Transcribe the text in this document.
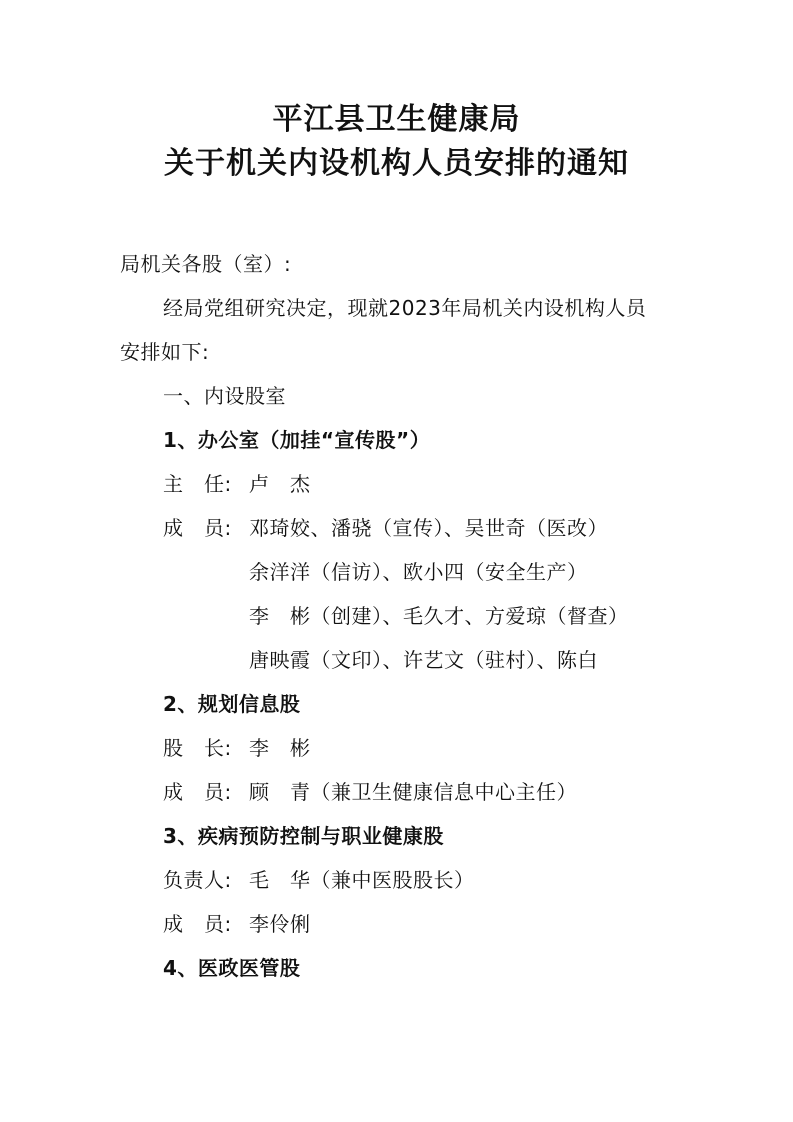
平江县卫生健康局
关于机关内设机构人员安排的通知
局机关各股（室）:
经局党组研究决定，现就2023年局机关内设机构人员
安排如下:
一、内设股室
1、办公室（加挂“宣传股”）
主　任: 卢　杰
成　员: 邓琦姣、潘骁（宣传）、吴世奇（医改）
余洋洋（信访）、欧小四（安全生产）
李　彬（创建）、毛久才、方爱琼（督查）
唐映霞（文印）、许艺文（驻村）、陈白
2、规划信息股
股　长: 李　彬
成　员: 顾　青（兼卫生健康信息中心主任）
3、疾病预防控制与职业健康股
负责人: 毛　华（兼中医股股长）
成　员: 李伶俐
4、医政医管股
